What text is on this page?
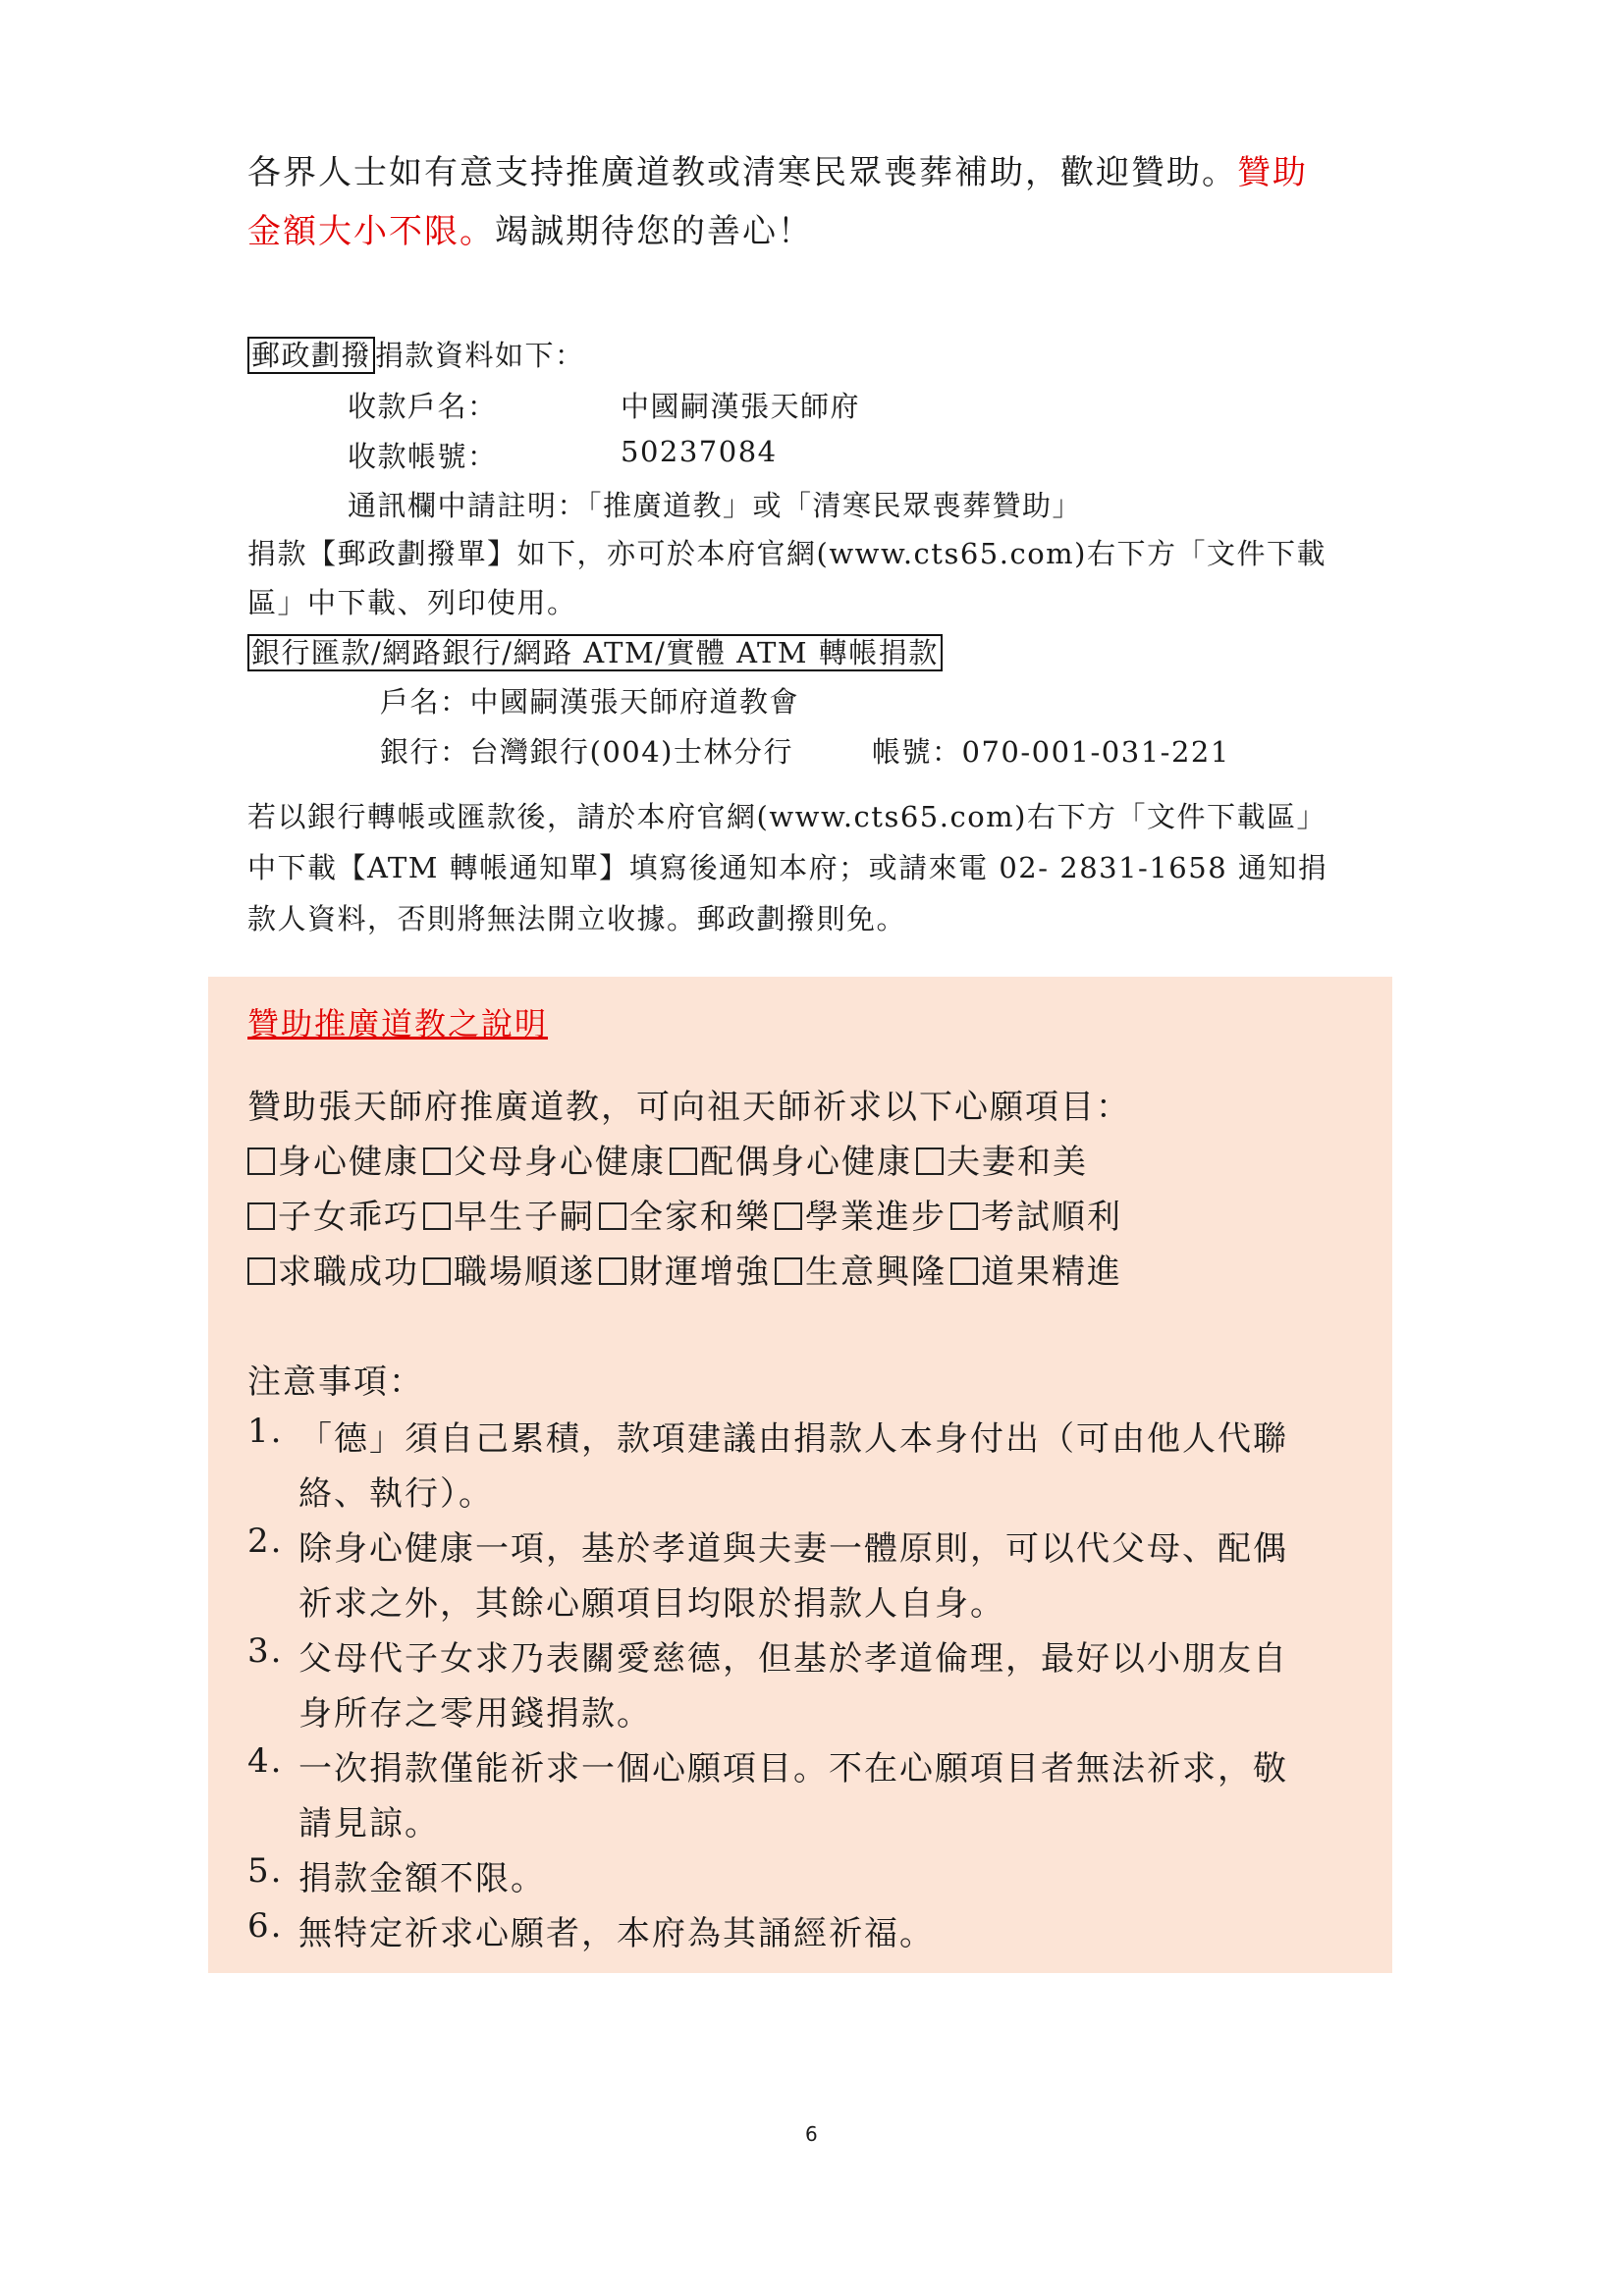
各界人士如有意支持推廣道教或清寒民眾喪葬補助，歡迎贊助。贊助
金額大小不限。竭誠期待您的善心！
郵政劃撥 捐款資料如下：
收款戶名：	中國嗣漢張天師府
收款帳號：	50237084
通訊欄中請註明：「推廣道教」或「清寒民眾喪葬贊助」
捐款【郵政劃撥單】如下，亦可於本府官網(www.cts65.com)右下方「文件下載
區」中下載、列印使用。
銀行匯款/網路銀行/網路 ATM/實體 ATM 轉帳捐款
戶名：中國嗣漢張天師府道教會
銀行：台灣銀行(004)士林分行	帳號：070-001-031-221
若以銀行轉帳或匯款後，請於本府官網(www.cts65.com)右下方「文件下載區」
中下載【ATM 轉帳通知單】填寫後通知本府；或請來電 02- 2831-1658 通知捐
款人資料，否則將無法開立收據。郵政劃撥則免。
贊助推廣道教之說明
贊助張天師府推廣道教，可向祖天師祈求以下心願項目：
身心健康 父母身心健康 配偶身心健康 夫妻和美
子女乖巧 早生子嗣 全家和樂 學業進步 考試順利
求職成功 職場順遂 財運增強 生意興隆 道果精進
注意事項：
1. 「德」須自己累積，款項建議由捐款人本身付出（可由他人代聯
絡、執行）。
2. 除身心健康一項，基於孝道與夫妻一體原則，可以代父母、配偶
祈求之外，其餘心願項目均限於捐款人自身。
3. 父母代子女求乃表關愛慈德，但基於孝道倫理，最好以小朋友自
身所存之零用錢捐款。
4. 一次捐款僅能祈求一個心願項目。不在心願項目者無法祈求，敬
請見諒。
5. 捐款金額不限。
6. 無特定祈求心願者，本府為其誦經祈福。
6
